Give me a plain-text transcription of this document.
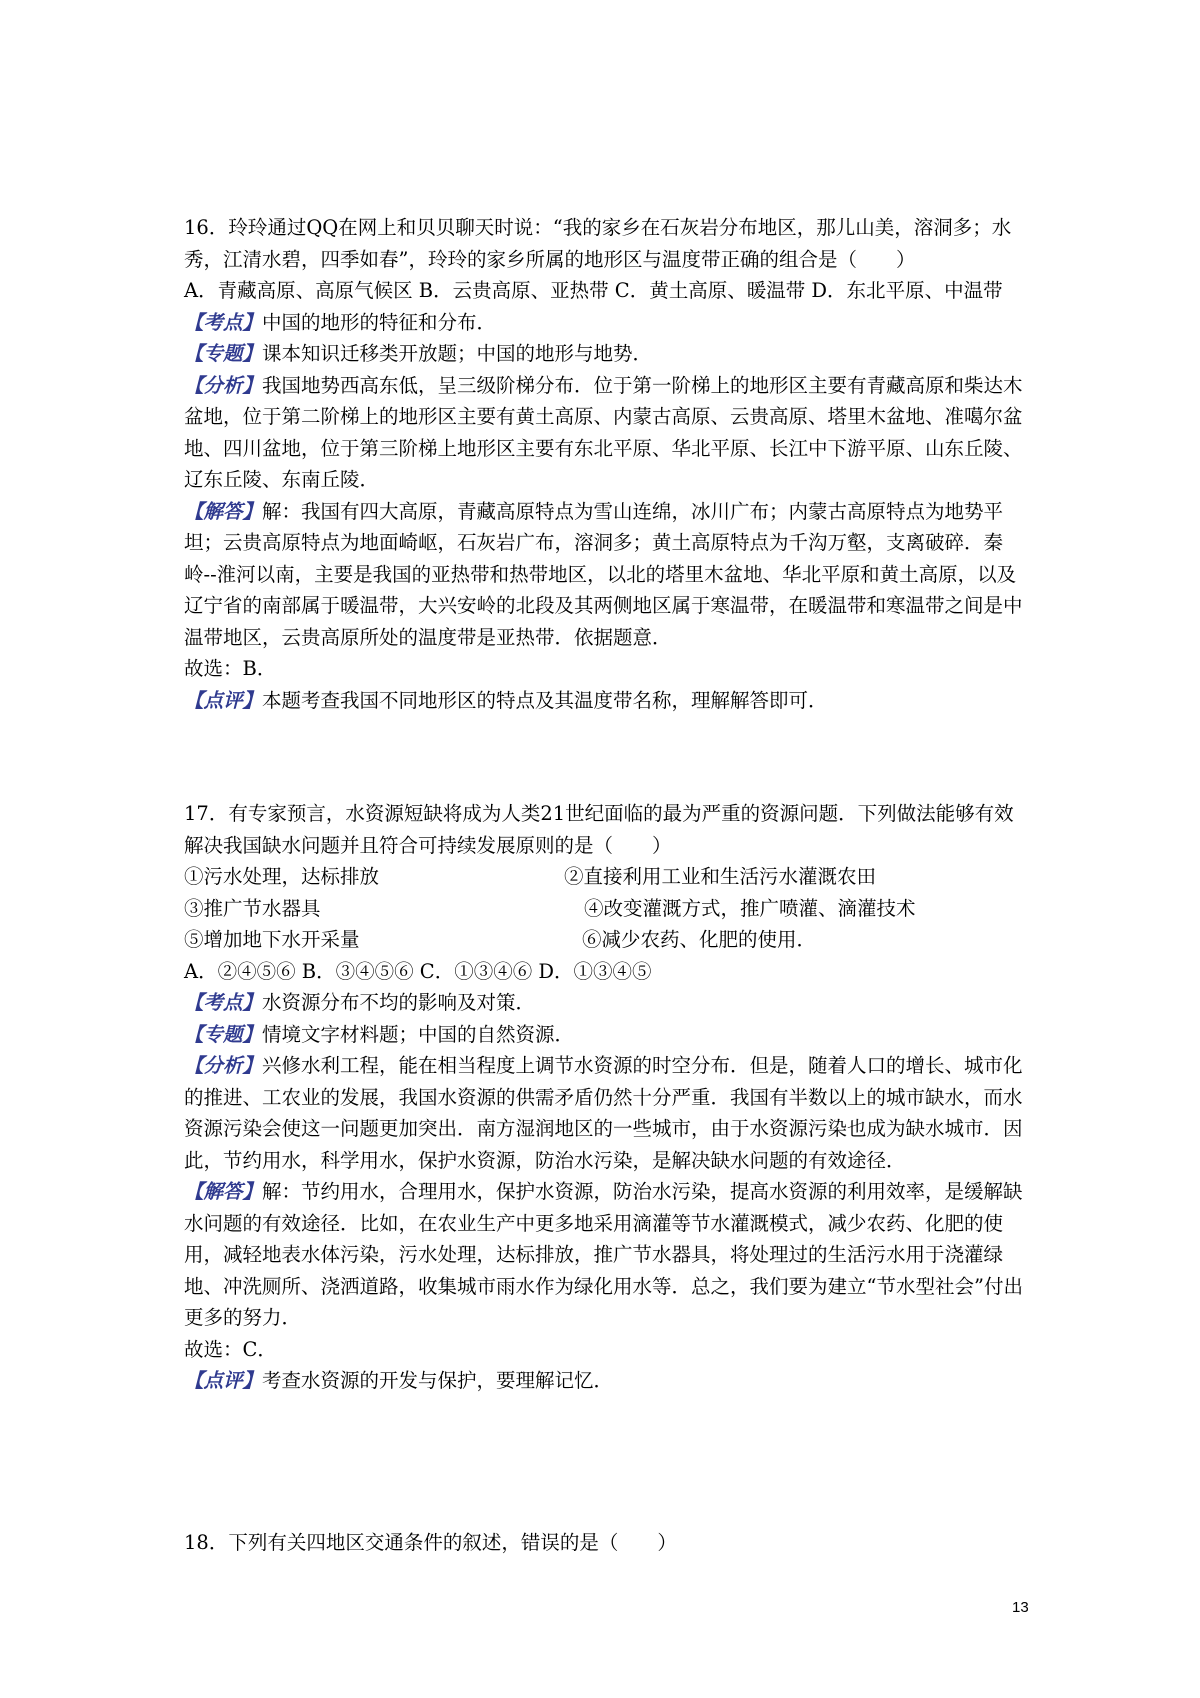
16．玲玲通过QQ在网上和贝贝聊天时说：“我的家乡在石灰岩分布地区，那儿山美，溶洞多；水秀，江清水碧，四季如春”，玲玲的家乡所属的地形区与温度带正确的组合是（　　）
A．青藏高原、高原气候区 B．云贵高原、亚热带 C．黄土高原、暖温带 D．东北平原、中温带
【考点】中国的地形的特征和分布．
【专题】课本知识迁移类开放题；中国的地形与地势．
【分析】我国地势西高东低，呈三级阶梯分布．位于第一阶梯上的地形区主要有青藏高原和柴达木盆地，位于第二阶梯上的地形区主要有黄土高原、内蒙古高原、云贵高原、塔里木盆地、准噶尔盆地、四川盆地，位于第三阶梯上地形区主要有东北平原、华北平原、长江中下游平原、山东丘陵、辽东丘陵、东南丘陵．
【解答】解：我国有四大高原，青藏高原特点为雪山连绵，冰川广布；内蒙古高原特点为地势平坦；云贵高原特点为地面崎岖，石灰岩广布，溶洞多；黄土高原特点为千沟万壑，支离破碎．秦岭--淮河以南，主要是我国的亚热带和热带地区，以北的塔里木盆地、华北平原和黄土高原，以及辽宁省的南部属于暖温带，大兴安岭的北段及其两侧地区属于寒温带，在暖温带和寒温带之间是中温带地区，云贵高原所处的温度带是亚热带．依据题意．
故选：B．
【点评】本题考查我国不同地形区的特点及其温度带名称，理解解答即可．
17．有专家预言，水资源短缺将成为人类21世纪面临的最为严重的资源问题．下列做法能够有效解决我国缺水问题并且符合可持续发展原则的是（　　）
①污水处理，达标排放	②直接利用工业和生活污水灌溉农田
③推广节水器具	④改变灌溉方式，推广喷灌、滴灌技术
⑤增加地下水开采量	⑥减少农药、化肥的使用．
A．②④⑤⑥ B．③④⑤⑥ C．①③④⑥ D．①③④⑤
【考点】水资源分布不均的影响及对策．
【专题】情境文字材料题；中国的自然资源．
【分析】兴修水利工程，能在相当程度上调节水资源的时空分布．但是，随着人口的增长、城市化的推进、工农业的发展，我国水资源的供需矛盾仍然十分严重．我国有半数以上的城市缺水，而水资源污染会使这一问题更加突出．南方湿润地区的一些城市，由于水资源污染也成为缺水城市．因此，节约用水，科学用水，保护水资源，防治水污染，是解决缺水问题的有效途径．
【解答】解：节约用水，合理用水，保护水资源，防治水污染，提高水资源的利用效率，是缓解缺水问题的有效途径．比如，在农业生产中更多地采用滴灌等节水灌溉模式，减少农药、化肥的使用，减轻地表水体污染，污水处理，达标排放，推广节水器具，将处理过的生活污水用于浇灌绿地、冲洗厕所、浇洒道路，收集城市雨水作为绿化用水等．总之，我们要为建立“节水型社会”付出更多的努力．
故选：C．
【点评】考查水资源的开发与保护，要理解记忆．
18．下列有关四地区交通条件的叙述，错误的是（　　）
13
